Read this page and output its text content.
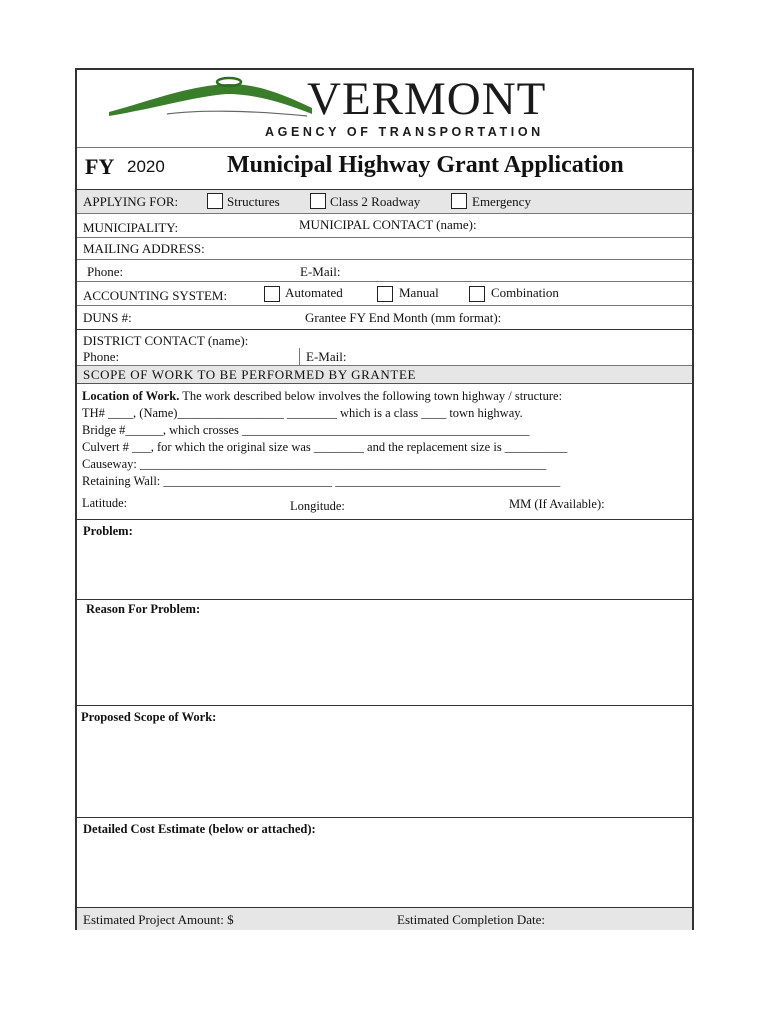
VERMONT
AGENCY OF TRANSPORTATION
FY 2020	Municipal Highway Grant Application
APPLYING FOR:	Structures	Class 2 Roadway	Emergency
MUNICIPALITY:	MUNICIPAL CONTACT (name):
MAILING ADDRESS:
Phone:	E-Mail:
ACCOUNTING SYSTEM:	Automated	Manual	Combination
DUNS #:	Grantee FY End Month (mm format):
DISTRICT CONTACT (name):
Phone:	E-Mail:
SCOPE OF WORK TO BE PERFORMED BY GRANTEE
Location of Work. The work described below involves the following town highway / structure:
TH# ____, (Name)_________________ ________ which is a class ____ town highway.
Bridge #______, which crosses ______________________________________________
Culvert # ___, for which the original size was ________ and the replacement size is __________
Causeway: _________________________________________________________________
Retaining Wall: ___________________________ ____________________________________
Latitude:	Longitude:	MM (If Available):
Problem:
Reason For Problem:
Proposed Scope of Work:
Detailed Cost Estimate (below or attached):
Estimated Project Amount: $	Estimated Completion Date:
